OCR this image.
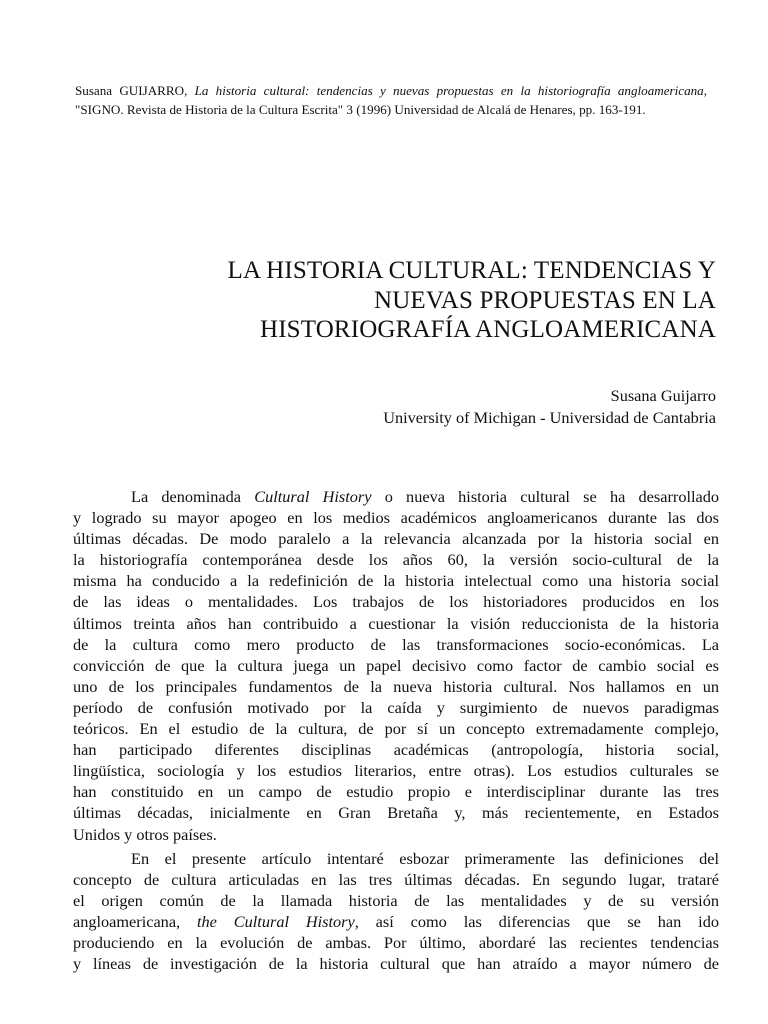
Susana GUIJARRO, La historia cultural: tendencias y nuevas propuestas en la historiografía angloamericana, "SIGNO. Revista de Historia de la Cultura Escrita" 3 (1996) Universidad de Alcalá de Henares, pp. 163-191.
LA HISTORIA CULTURAL: TENDENCIAS Y
NUEVAS PROPUESTAS EN LA
HISTORIOGRAFÍA ANGLOAMERICANA
Susana Guijarro
University of Michigan - Universidad de Cantabria
La denominada Cultural History o nueva historia cultural se ha desarrollado
y logrado su mayor apogeo en los medios académicos angloamericanos durante las dos
últimas décadas. De modo paralelo a la relevancia alcanzada por la historia social en
la historiografía contemporánea desde los años 60, la versión socio-cultural de la
misma ha conducido a la redefinición de la historia intelectual como una historia social
de las ideas o mentalidades. Los trabajos de los historiadores producidos en los
últimos treinta años han contribuido a cuestionar la visión reduccionista de la historia
de la cultura como mero producto de las transformaciones socio-económicas. La
convicción de que la cultura juega un papel decisivo como factor de cambio social es
uno de los principales fundamentos de la nueva historia cultural. Nos hallamos en un
período de confusión motivado por la caída y surgimiento de nuevos paradigmas
teóricos. En el estudio de la cultura, de por sí un concepto extremadamente complejo,
han participado diferentes disciplinas académicas (antropología, historia social,
lingüística, sociología y los estudios literarios, entre otras). Los estudios culturales se
han constituido en un campo de estudio propio e interdisciplinar durante las tres
últimas décadas, inicialmente en Gran Bretaña y, más recientemente, en Estados
Unidos y otros países.
En el presente artículo intentaré esbozar primeramente las definiciones del
concepto de cultura articuladas en las tres últimas décadas. En segundo lugar, trataré
el origen común de la llamada historia de las mentalidades y de su versión
angloamericana, the Cultural History, así como las diferencias que se han ido
produciendo en la evolución de ambas. Por último, abordaré las recientes tendencias
y líneas de investigación de la historia cultural que han atraído a mayor número de
